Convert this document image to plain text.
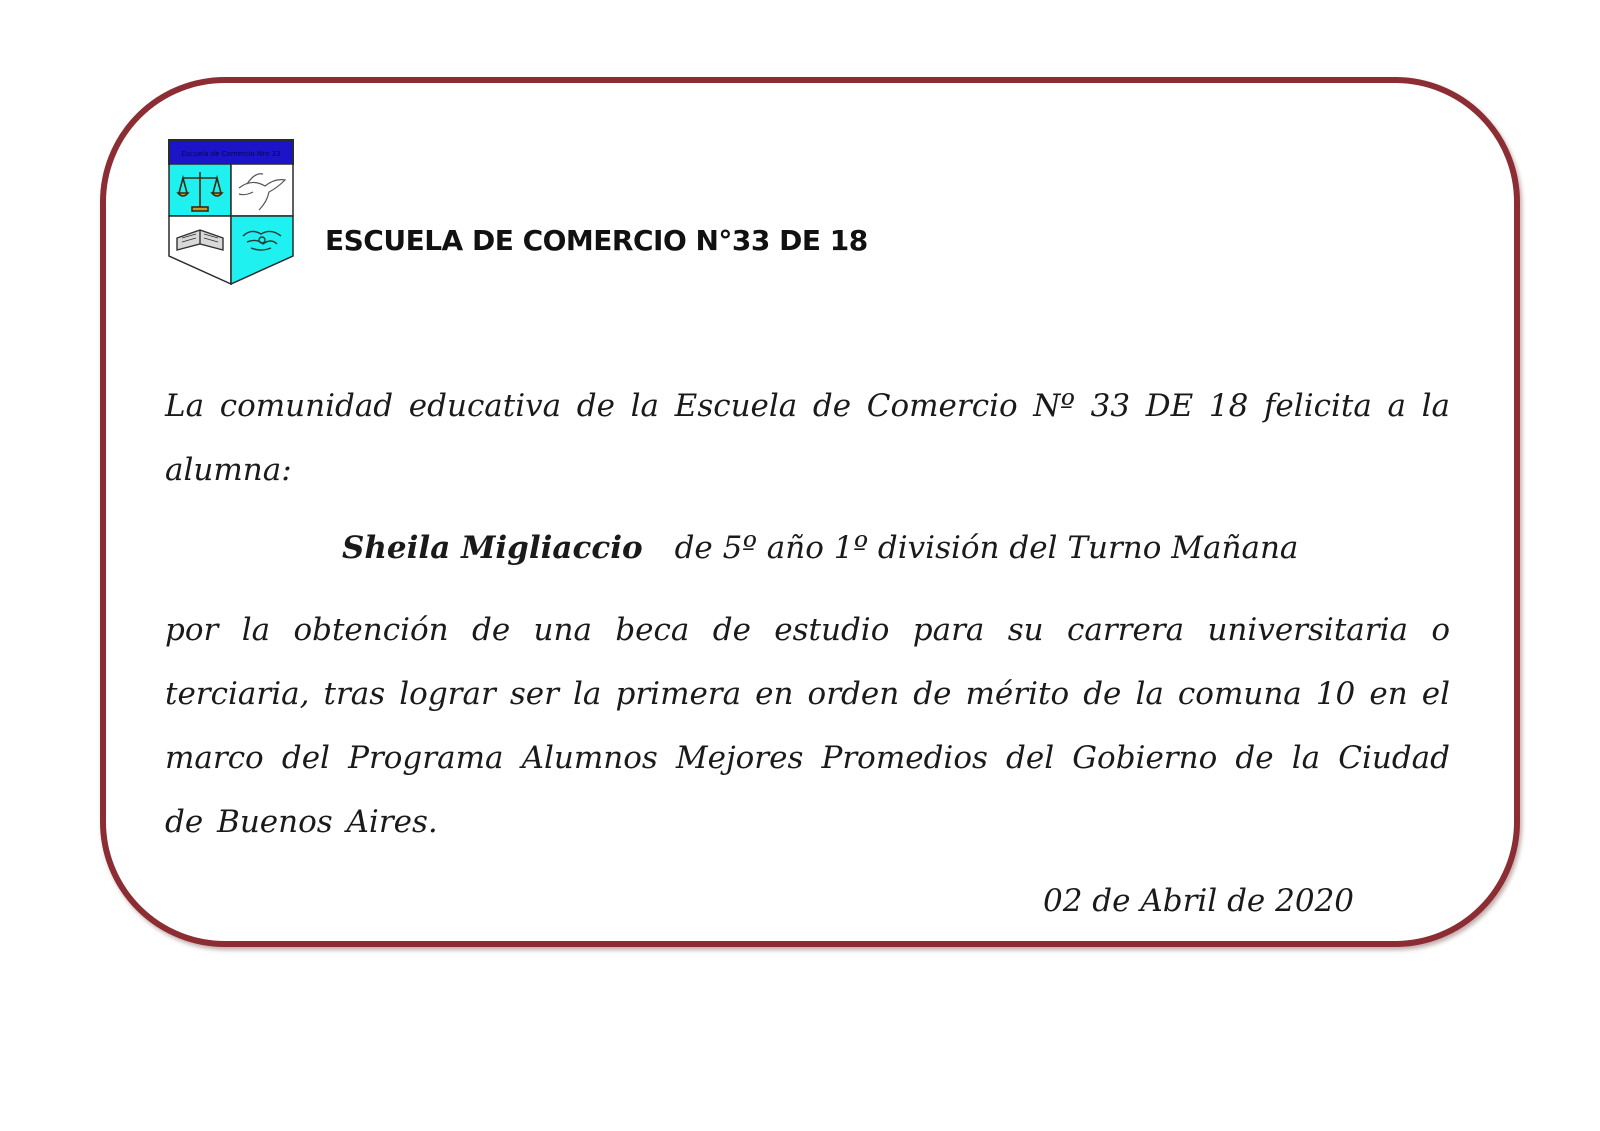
Escuela de Comercio Nro 33
ESCUELA DE COMERCIO N°33 DE 18
La comunidad educativa de la Escuela de Comercio Nº 33 DE 18 felicita a la alumna:
Sheila Migliaccio de 5º año 1º división del Turno Mañana
por la obtención de una beca de estudio para su carrera universitaria o terciaria, tras lograr ser la primera en orden de mérito de la comuna 10 en el marco del Programa Alumnos Mejores Promedios del Gobierno de la Ciudad de Buenos Aires.
02 de Abril de 2020
